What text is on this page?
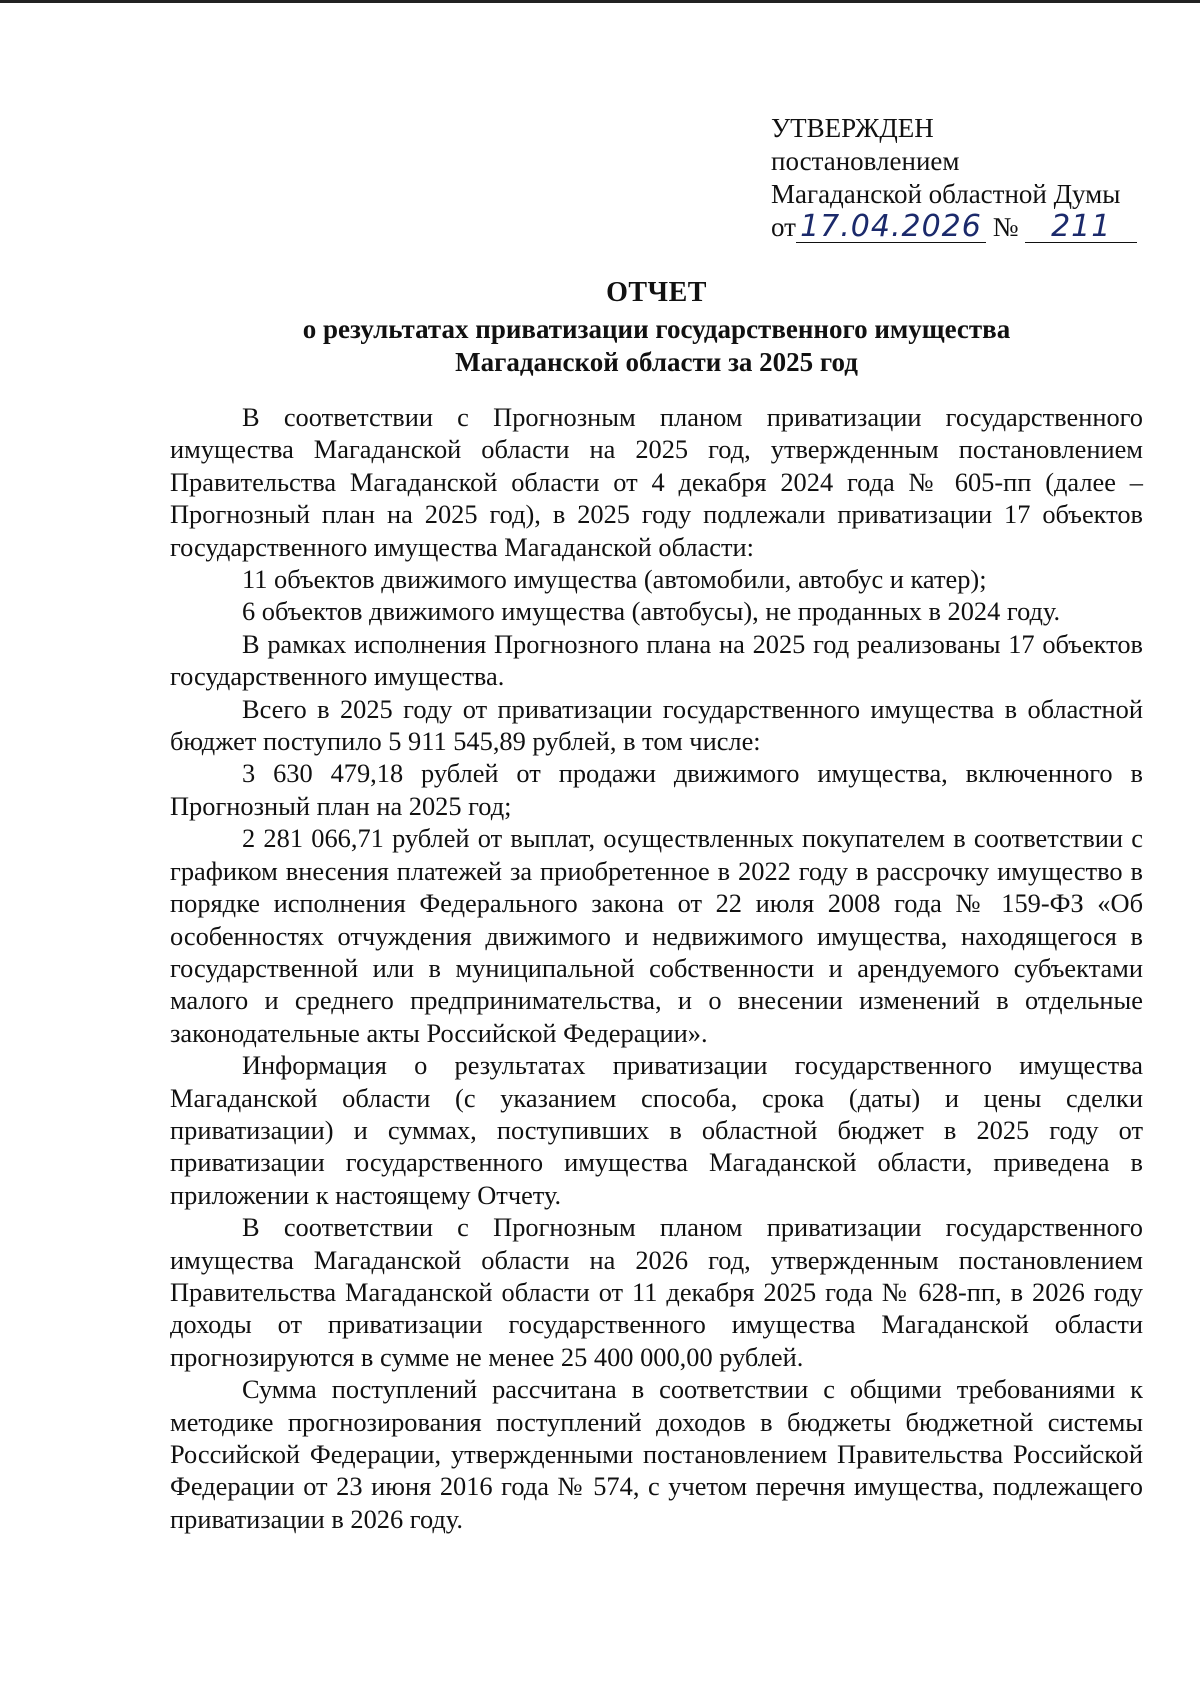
УТВЕРЖДЕН
постановлением
Магаданской областной Думы
от 17.04.2026 № 211
ОТЧЕТ
о результатах приватизации государственного имущества
Магаданской области за 2025 год

В соответствии с Прогнозным планом приватизации государственного имущества Магаданской области на 2025 год, утвержденным постановлением Правительства Магаданской области от 4 декабря 2024 года № 605-пп (далее – Прогнозный план на 2025 год), в 2025 году подлежали приватизации 17 объектов государственного имущества Магаданской области:

11 объектов движимого имущества (автомобили, автобус и катер);

6 объектов движимого имущества (автобусы), не проданных в 2024 году.

В рамках исполнения Прогнозного плана на 2025 год реализованы 17 объектов государственного имущества.

Всего в 2025 году от приватизации государственного имущества в областной бюджет поступило 5 911 545,89 рублей, в том числе:

3 630 479,18 рублей от продажи движимого имущества, включенного в Прогнозный план на 2025 год;

2 281 066,71 рублей от выплат, осуществленных покупателем в соответствии с графиком внесения платежей за приобретенное в 2022 году в рассрочку имущество в порядке исполнения Федерального закона от 22 июля 2008 года № 159-ФЗ «Об особенностях отчуждения движимого и недвижимого имущества, находящегося в государственной или в муниципальной собственности и арендуемого субъектами малого и среднего предпринимательства, и о внесении изменений в отдельные законодательные акты Российской Федерации».

Информация о результатах приватизации государственного имущества Магаданской области (с указанием способа, срока (даты) и цены сделки приватизации) и суммах, поступивших в областной бюджет в 2025 году от приватизации государственного имущества Магаданской области, приведена в приложении к настоящему Отчету.

В соответствии с Прогнозным планом приватизации государственного имущества Магаданской области на 2026 год, утвержденным постановлением Правительства Магаданской области от 11 декабря 2025 года № 628-пп, в 2026 году доходы от приватизации государственного имущества Магаданской области прогнозируются в сумме не менее 25 400 000,00 рублей.

Сумма поступлений рассчитана в соответствии с общими требованиями к методике прогнозирования поступлений доходов в бюджеты бюджетной системы Российской Федерации, утвержденными постановлением Правительства Российской Федерации от 23 июня 2016 года № 574, с учетом перечня имущества, подлежащего приватизации в 2026 году.
